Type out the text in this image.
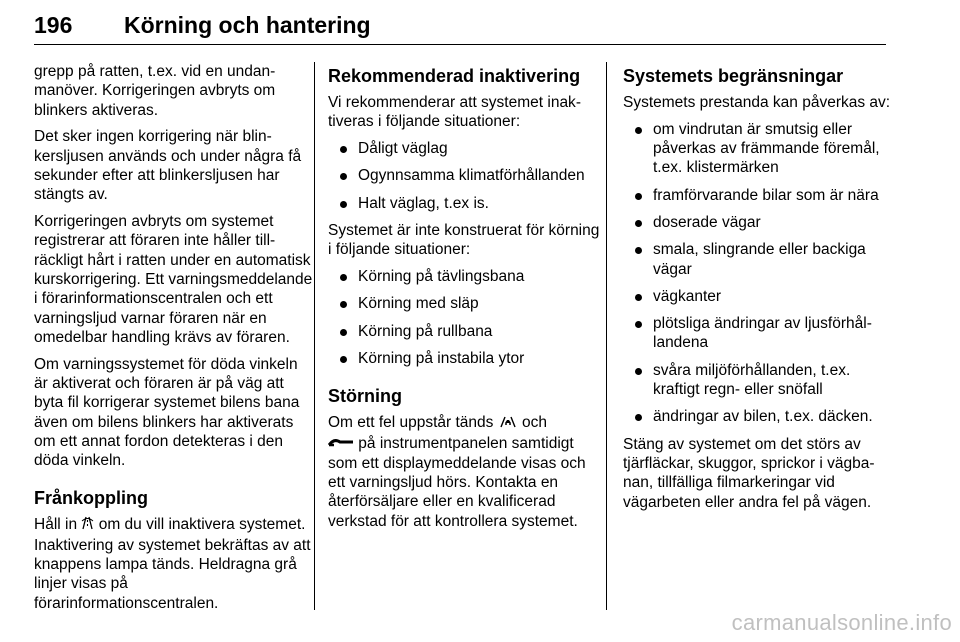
196 Körning och hantering

grepp på ratten, t.ex. vid en undanmanöver. Korrigeringen avbryts om blinkers aktiveras.

Det sker ingen korrigering när blinkersljusen används och under några få sekunder efter att blinkersljusen har stängts av.

Korrigeringen avbryts om systemet registrerar att föraren inte håller tillräckligt hårt i ratten under en automatisk kurskorrigering. Ett varningsmeddelande i förarinformationscentralen och ett varningsljud varnar föraren när en omedelbar handling krävs av föraren.

Om varningssystemet för döda vinkeln är aktiverat och föraren är på väg att byta fil korrigerar systemet bilens bana även om bilens blinkers har aktiverats om ett annat fordon detekteras i den döda vinkeln.

Frånkoppling

Håll in  om du vill inaktivera systemet. Inaktivering av systemet bekräftas av att knappens lampa tänds. Heldragna grå linjer visas på förarinformationscentralen.

Rekommenderad inaktivering

Vi rekommenderar att systemet inaktiveras i följande situationer:

Dåligt väglag
Ogynnsamma klimatförhållanden
Halt väglag, t.ex is.

Systemet är inte konstruerat för körning i följande situationer:

Körning på tävlingsbana
Körning med släp
Körning på rullbana
Körning på instabila ytor
Störning

Om ett fel uppstår tänds  och
på instrumentpanelen samtidigt som ett displaymeddelande visas och ett varningsljud hörs. Kontakta en återförsäljare eller en kvalificerad verkstad för att kontrollera systemet.

Systemets begränsningar

Systemets prestanda kan påverkas av:

om vindrutan är smutsig eller påverkas av främmande föremål, t.ex. klistermärken
framförvarande bilar som är nära
doserade vägar
smala, slingrande eller backiga vägar
vägkanter
plötsliga ändringar av ljusförhållandena
svåra miljöförhållanden, t.ex. kraftigt regn- eller snöfall
ändringar av bilen, t.ex. däcken.

Stäng av systemet om det störs av tjärfläckar, skuggor, sprickor i vägbanan, tillfälliga filmarkeringar vid vägarbeten eller andra fel på vägen.

carmanualsonline.info
